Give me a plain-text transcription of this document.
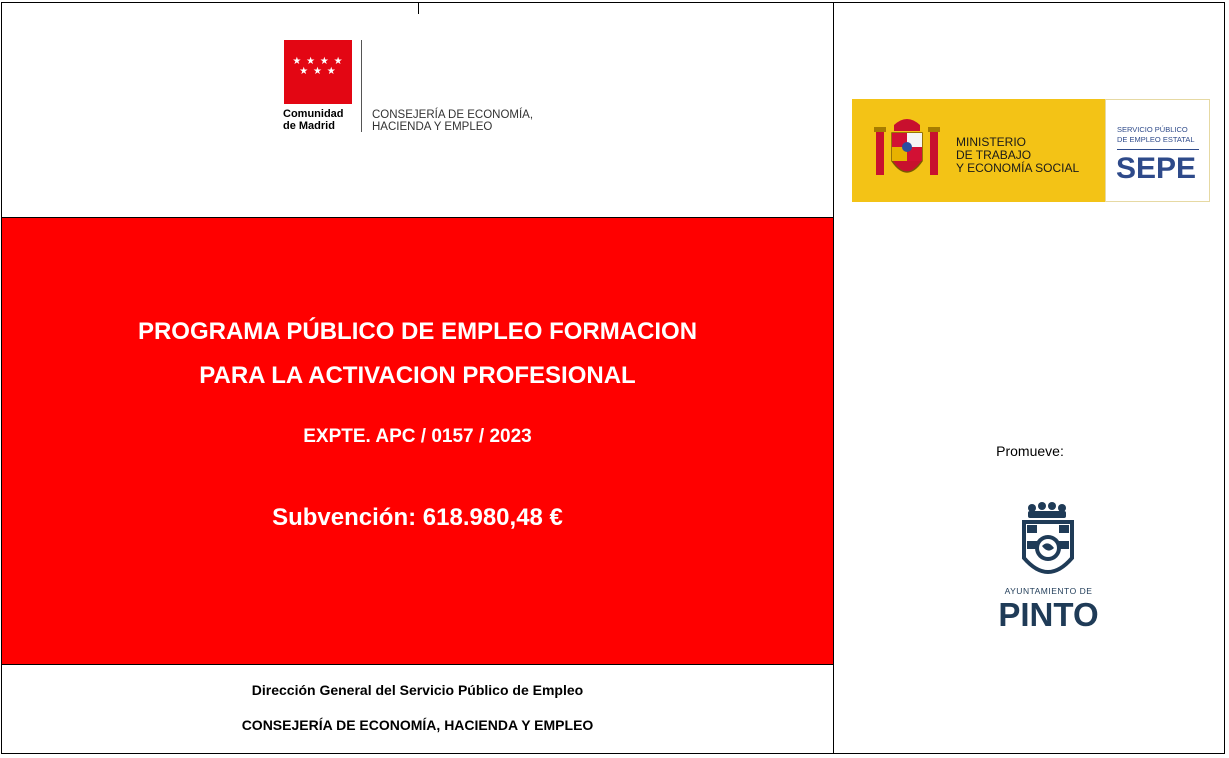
★ ★ ★ ★
★ ★ ★
Comunidad
de Madrid
CONSEJERÍA DE ECONOMÍA,
HACIENDA Y EMPLEO
MINISTERIO
DE TRABAJO
Y ECONOMÍA SOCIAL
SERVICIO PÚBLICO
DE EMPLEO ESTATAL
SEPE
PROGRAMA PÚBLICO DE EMPLEO FORMACION
PARA LA ACTIVACION PROFESIONAL
EXPTE. APC / 0157 / 2023
Subvención: 618.980,48 €
Dirección General del Servicio Público de Empleo
CONSEJERÍA DE ECONOMÍA, HACIENDA Y EMPLEO
Promueve:
AYUNTAMIENTO DE
PINTO
